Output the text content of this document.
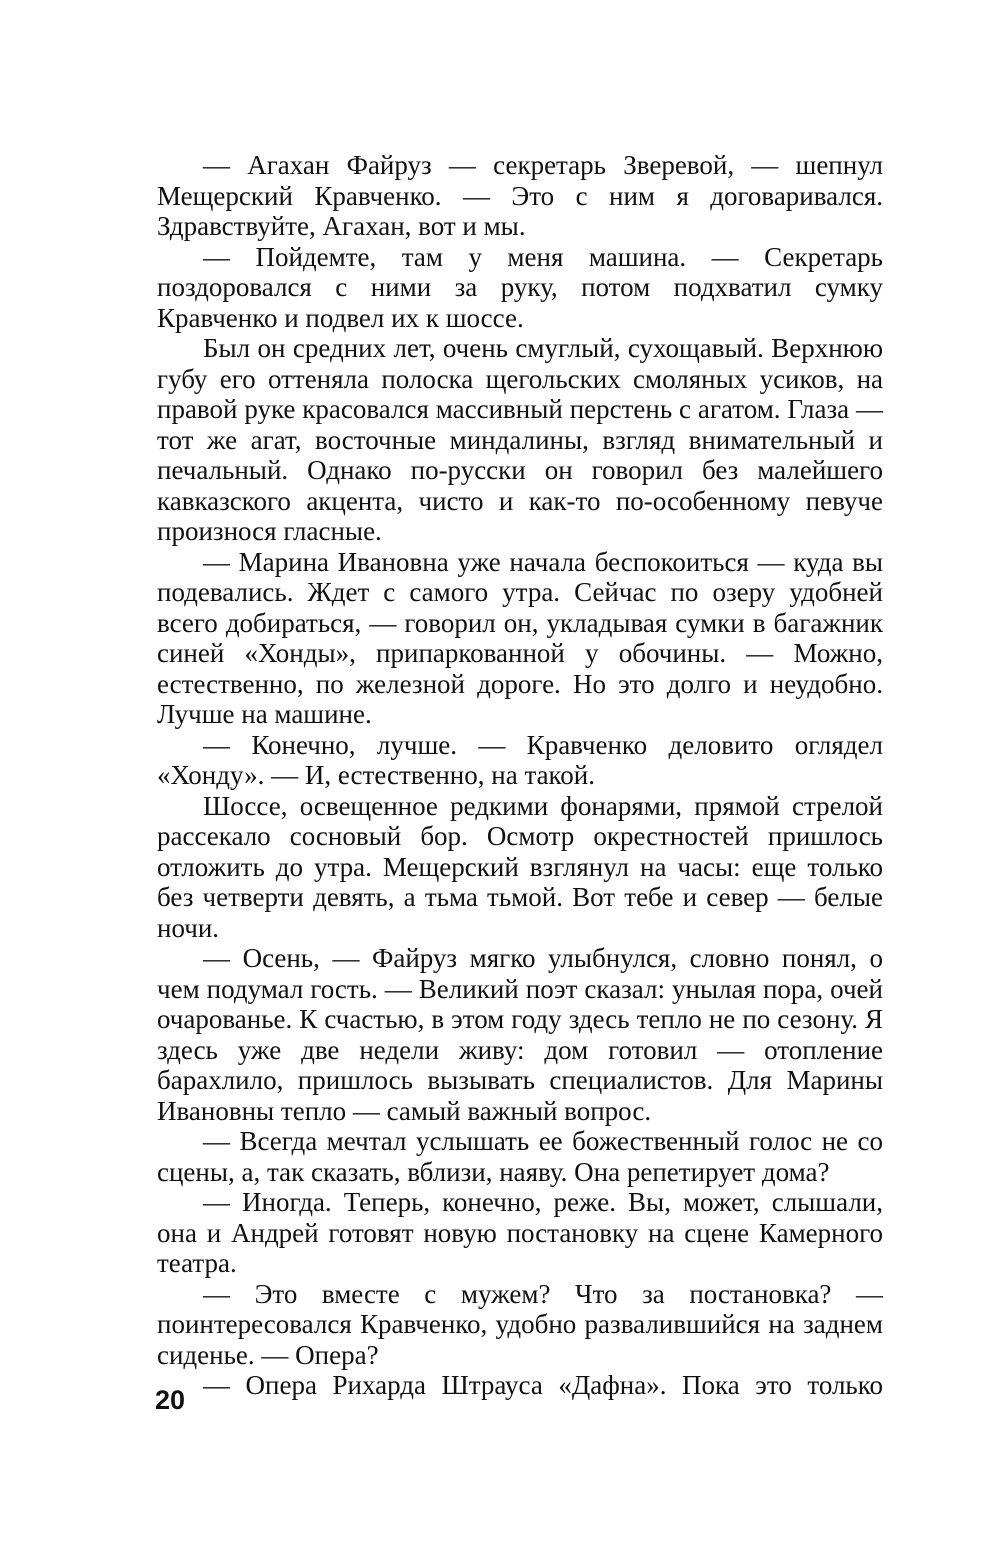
— Агахан Файруз — секретарь Зверевой, — шепнул Мещерский Кравченко. — Это с ним я договаривался. Здравствуйте, Агахан, вот и мы.

— Пойдемте, там у меня машина. — Секретарь поздоровался с ними за руку, потом подхватил сумку Кравченко и подвел их к шоссе.

Был он средних лет, очень смуглый, сухощавый. Верхнюю губу его оттеняла полоска щегольских смоляных усиков, на правой руке красовался массивный перстень с агатом. Глаза — тот же агат, восточные миндалины, взгляд внимательный и печальный. Однако по-русски он говорил без малейшего кавказского акцента, чисто и как-то по-особенному певуче произнося гласные.

— Марина Ивановна уже начала беспокоиться — куда вы подевались. Ждет с самого утра. Сейчас по озеру удобней всего добираться, — говорил он, укладывая сумки в багажник синей «Хонды», припаркованной у обочины. — Можно, естественно, по железной дороге. Но это долго и неудобно. Лучше на машине.

— Конечно, лучше. — Кравченко деловито оглядел «Хонду». — И, естественно, на такой.

Шоссе, освещенное редкими фонарями, прямой стрелой рассекало сосновый бор. Осмотр окрестностей пришлось отложить до утра. Мещерский взглянул на часы: еще только без четверти девять, а тьма тьмой. Вот тебе и север — белые ночи.

— Осень, — Файруз мягко улыбнулся, словно понял, о чем подумал гость. — Великий поэт сказал: унылая пора, очей очарованье. К счастью, в этом году здесь тепло не по сезону. Я здесь уже две недели живу: дом готовил — отопление барахлило, пришлось вызывать специалистов. Для Марины Ивановны тепло — самый важный вопрос.

— Всегда мечтал услышать ее божественный голос не со сцены, а, так сказать, вблизи, наяву. Она репетирует дома?

— Иногда. Теперь, конечно, реже. Вы, может, слышали, она и Андрей готовят новую постановку на сцене Камерного театра.

— Это вместе с мужем? Что за постановка? — поинтересовался Кравченко, удобно развалившийся на заднем сиденье. — Опера?

— Опера Рихарда Штрауса «Дафна». Пока это только

20
